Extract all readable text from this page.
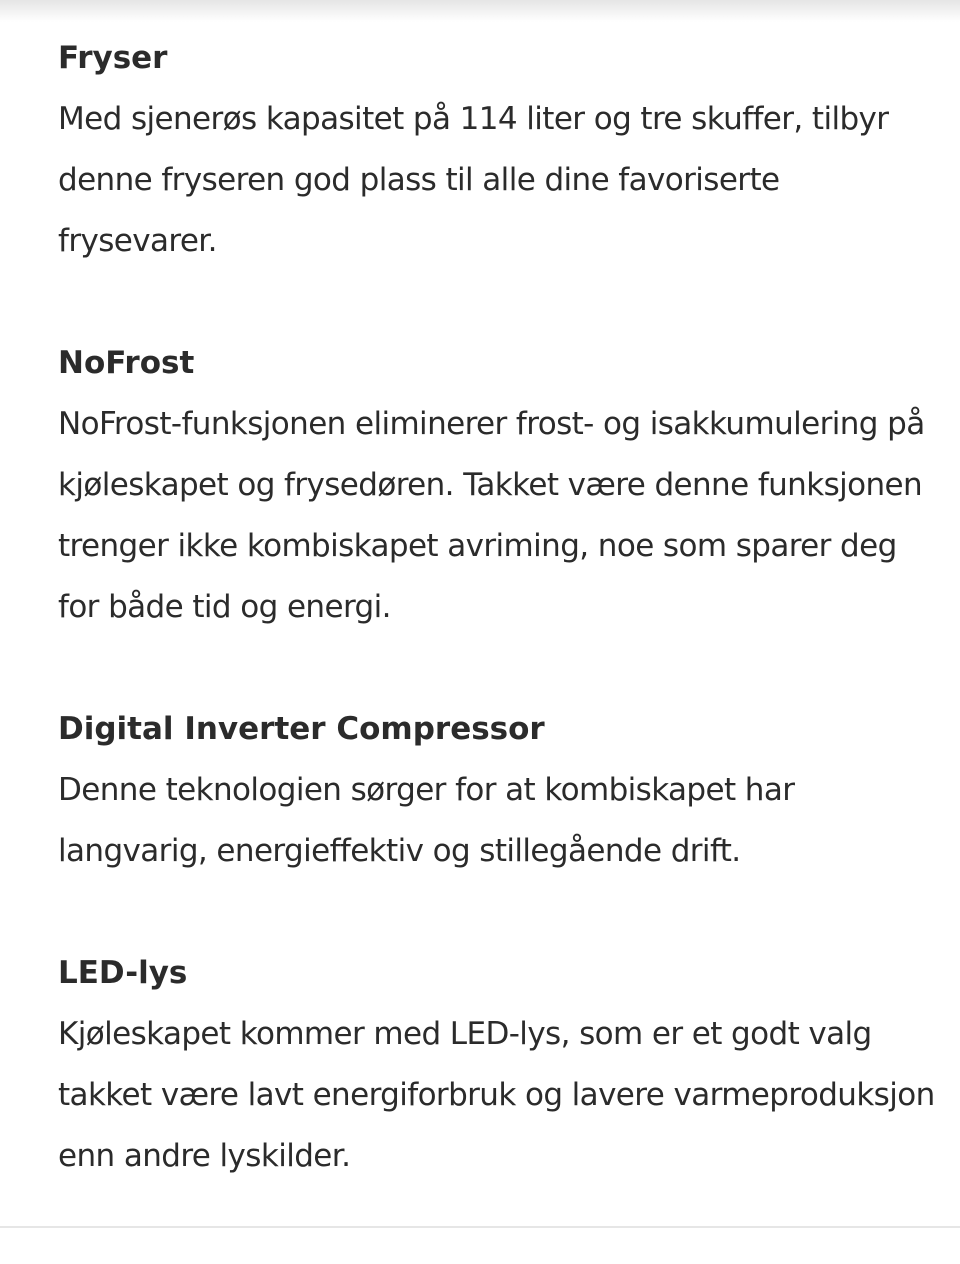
Fryser

Med sjenerøs kapasitet på 114 liter og tre skuffer, tilbyr denne fryseren god plass til alle dine favoriserte frysevarer.

NoFrost

NoFrost-funksjonen eliminerer frost- og isakkumulering på kjøleskapet og frysedøren. Takket være denne funksjonen trenger ikke kombiskapet avriming, noe som sparer deg for både tid og energi.

Digital Inverter Compressor

Denne teknologien sørger for at kombiskapet har langvarig, energieffektiv og stillegående drift.

LED-lys

Kjøleskapet kommer med LED-lys, som er et godt valg takket være lavt energiforbruk og lavere varmeproduksjon enn andre lyskilder.
